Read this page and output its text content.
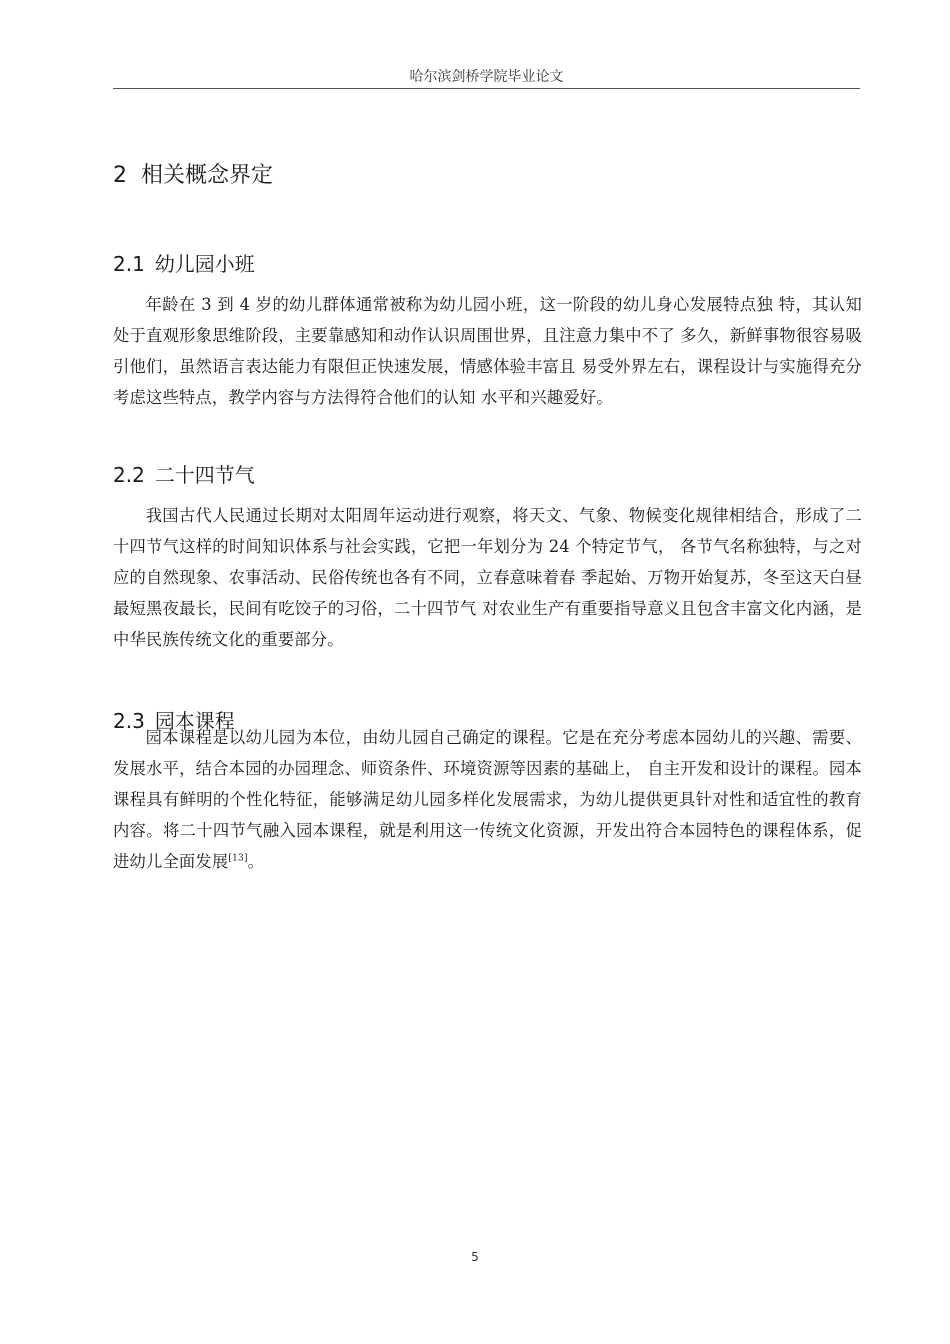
哈尔滨剑桥学院毕业论文
2 相关概念界定
2.1 幼儿园小班

年龄在 3 到 4 岁的幼儿群体通常被称为幼儿园小班，这一阶段的幼儿身心发展特点独 特，其认知处于直观形象思维阶段，主要靠感知和动作认识周围世界，且注意力集中不了 多久，新鲜事物很容易吸引他们，虽然语言表达能力有限但正快速发展，情感体验丰富且 易受外界左右，课程设计与实施得充分考虑这些特点，教学内容与方法得符合他们的认知 水平和兴趣爱好。

2.2 二十四节气

我国古代人民通过长期对太阳周年运动进行观察，将天文、气象、物候变化规律相结合，形成了二十四节气这样的时间知识体系与社会实践，它把一年划分为 24 个特定节气， 各节气名称独特，与之对应的自然现象、农事活动、民俗传统也各有不同，立春意味着春 季起始、万物开始复苏，冬至这天白昼最短黑夜最长，民间有吃饺子的习俗，二十四节气 对农业生产有重要指导意义且包含丰富文化内涵，是中华民族传统文化的重要部分。

2.3 园本课程

园本课程是以幼儿园为本位，由幼儿园自己确定的课程。它是在充分考虑本园幼儿的兴趣、需要、发展水平，结合本园的办园理念、师资条件、环境资源等因素的基础上， 自主开发和设计的课程。园本课程具有鲜明的个性化特征，能够满足幼儿园多样化发展需求，为幼儿提供更具针对性和适宜性的教育内容。将二十四节气融入园本课程，就是利用这一传统文化资源，开发出符合本园特色的课程体系，促进幼儿全面发展[13]。

5
